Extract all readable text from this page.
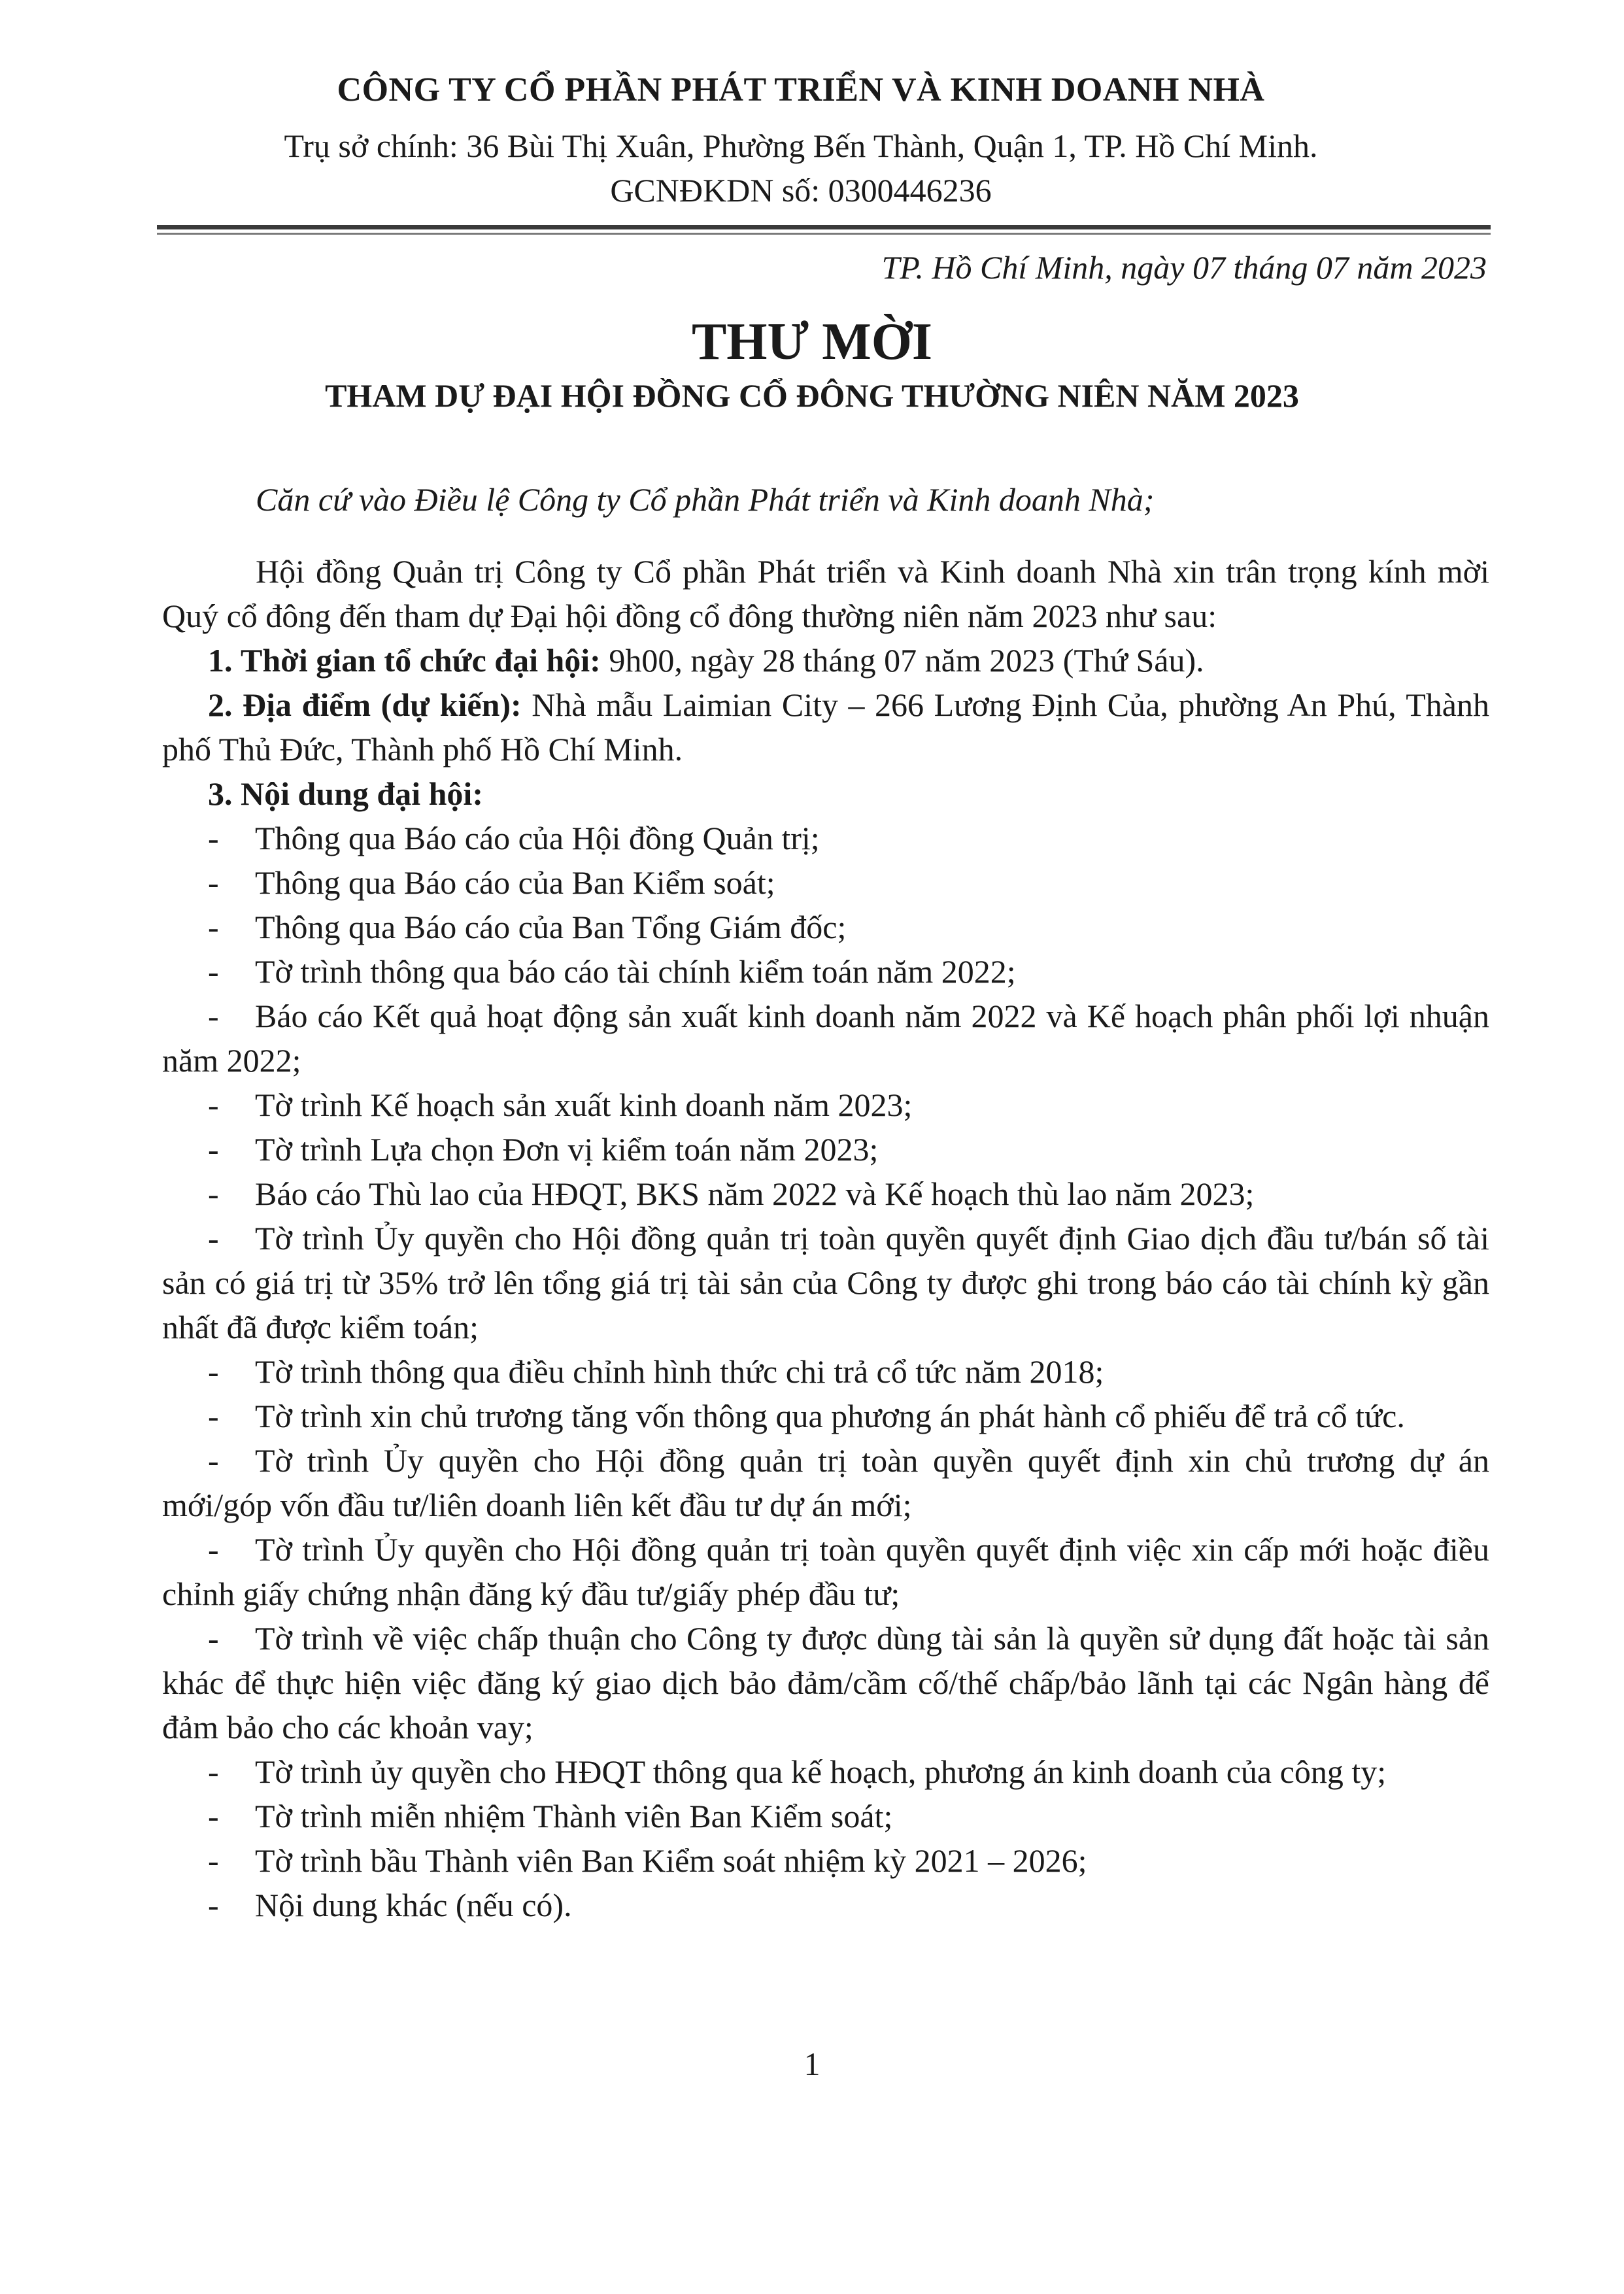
CÔNG TY CỔ PHẦN PHÁT TRIỂN VÀ KINH DOANH NHÀ
Trụ sở chính: 36 Bùi Thị Xuân, Phường Bến Thành, Quận 1, TP. Hồ Chí Minh.
GCNĐKDN số: 0300446236
TP. Hồ Chí Minh, ngày 07 tháng 07 năm 2023
THƯ MỜI
THAM DỰ ĐẠI HỘI ĐỒNG CỔ ĐÔNG THƯỜNG NIÊN NĂM 2023

Căn cứ vào Điều lệ Công ty Cổ phần Phát triển và Kinh doanh Nhà;

Hội đồng Quản trị Công ty Cổ phần Phát triển và Kinh doanh Nhà xin trân trọng kính mời Quý cổ đông đến tham dự Đại hội đồng cổ đông thường niên năm 2023 như sau:

1. Thời gian tổ chức đại hội: 9h00, ngày 28 tháng 07 năm 2023 (Thứ Sáu).

2. Địa điểm (dự kiến): Nhà mẫu Laimian City – 266 Lương Định Của, phường An Phú, Thành phố Thủ Đức, Thành phố Hồ Chí Minh.

3. Nội dung đại hội:

- Thông qua Báo cáo của Hội đồng Quản trị;

- Thông qua Báo cáo của Ban Kiểm soát;

- Thông qua Báo cáo của Ban Tổng Giám đốc;

- Tờ trình thông qua báo cáo tài chính kiểm toán năm 2022;

- Báo cáo Kết quả hoạt động sản xuất kinh doanh năm 2022 và Kế hoạch phân phối lợi nhuận năm 2022;

- Tờ trình Kế hoạch sản xuất kinh doanh năm 2023;

- Tờ trình Lựa chọn Đơn vị kiểm toán năm 2023;

- Báo cáo Thù lao của HĐQT, BKS năm 2022 và Kế hoạch thù lao năm 2023;

- Tờ trình Ủy quyền cho Hội đồng quản trị toàn quyền quyết định Giao dịch đầu tư/bán số tài sản có giá trị từ 35% trở lên tổng giá trị tài sản của Công ty được ghi trong báo cáo tài chính kỳ gần nhất đã được kiểm toán;

- Tờ trình thông qua điều chỉnh hình thức chi trả cổ tức năm 2018;

- Tờ trình xin chủ trương tăng vốn thông qua phương án phát hành cổ phiếu để trả cổ tức.

- Tờ trình Ủy quyền cho Hội đồng quản trị toàn quyền quyết định xin chủ trương dự án mới/góp vốn đầu tư/liên doanh liên kết đầu tư dự án mới;

- Tờ trình Ủy quyền cho Hội đồng quản trị toàn quyền quyết định việc xin cấp mới hoặc điều chỉnh giấy chứng nhận đăng ký đầu tư/giấy phép đầu tư;

- Tờ trình về việc chấp thuận cho Công ty được dùng tài sản là quyền sử dụng đất hoặc tài sản khác để thực hiện việc đăng ký giao dịch bảo đảm/cầm cố/thế chấp/bảo lãnh tại các Ngân hàng để đảm bảo cho các khoản vay;

- Tờ trình ủy quyền cho HĐQT thông qua kế hoạch, phương án kinh doanh của công ty;

- Tờ trình miễn nhiệm Thành viên Ban Kiểm soát;

- Tờ trình bầu Thành viên Ban Kiểm soát nhiệm kỳ 2021 – 2026;

- Nội dung khác (nếu có).

1
